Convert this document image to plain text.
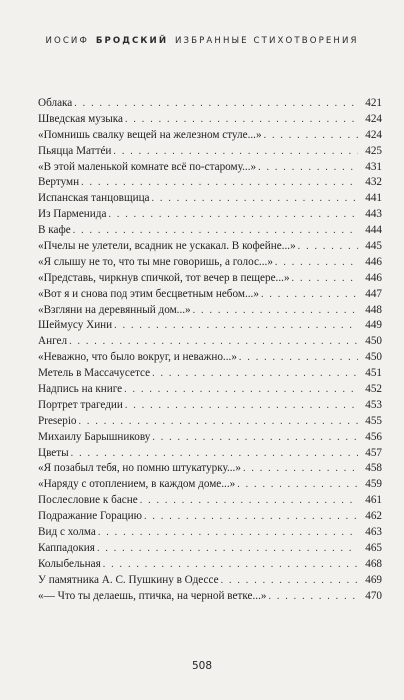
ИОСИФ БРОДСКИЙ ИЗБРАННЫЕ СТИХОТВОРЕНИЯ
Облака . . .	421
Шведская музыка . . .	424
«Помнишь свалку вещей на железном стуле...» . . .	424
Пьяцца Маттéи . . .	425
«В этой маленькой комнате всё по-старому...» . . .	431
Вертумн . . .	432
Испанская танцовщица . . .	441
Из Парменида . . .	443
В кафе . . .	444
«Пчелы не улетели, всадник не ускакал. В кофейне...» . . .	445
«Я слышу не то, что ты мне говоришь, а голос...» . . .	446
«Представь, чиркнув спичкой, тот вечер в пещере...» . . .	446
«Вот я и снова под этим бесцветным небом...» . . .	447
«Взгляни на деревянный дом...» . . .	448
Шеймусу Хини . . .	449
Ангел . . .	450
«Неважно, что было вокруг, и неважно...» . . .	450
Метель в Массачусетсе . . .	451
Надпись на книге . . .	452
Портрет трагедии . . .	453
Presepio . . .	455
Михаилу Барышникову . . .	456
Цветы . . .	457
«Я позабыл тебя, но помню штукатурку...» . . .	458
«Наряду с отоплением, в каждом доме...» . . .	459
Послесловие к басне . . .	461
Подражание Горацию . . .	462
Вид с холма . . .	463
Каппадокия . . .	465
Колыбельная . . .	468
У памятника А. С. Пушкину в Одессе . . .	469
«— Что ты делаешь, птичка, на черной ветке...» . . .	470
508
